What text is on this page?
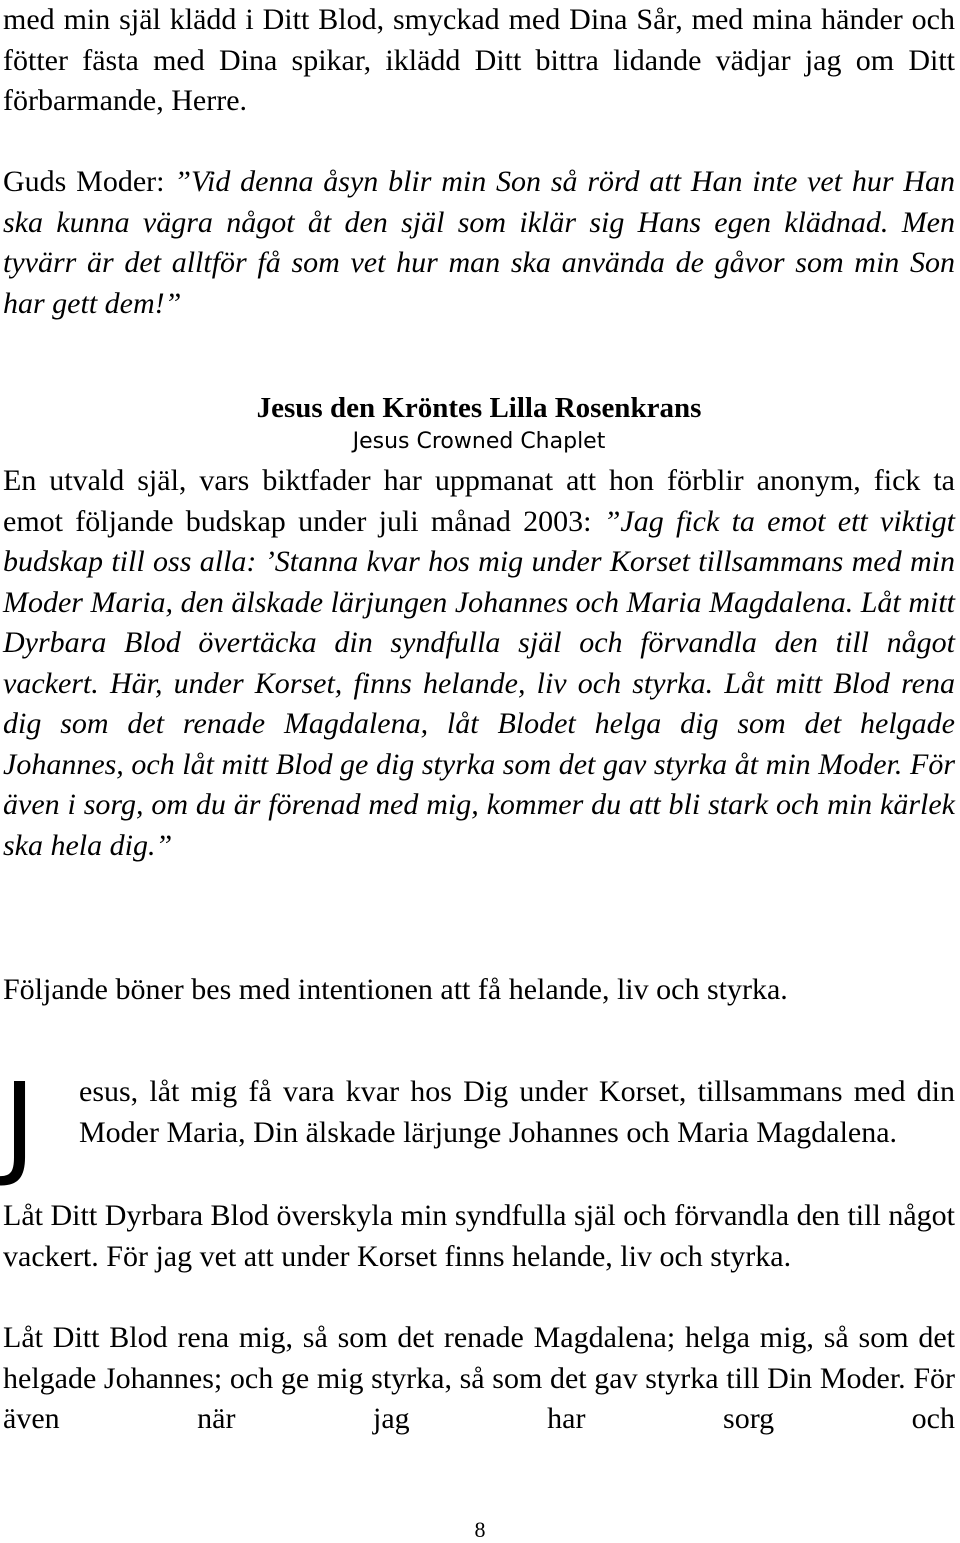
med min själ klädd i Ditt Blod, smyckad med Dina Sår, med mina händer och fötter fästa med Dina spikar, iklädd Ditt bittra lidande vädjar jag om Ditt förbarmande, Herre.

Guds Moder: ”Vid denna åsyn blir min Son så rörd att Han inte vet hur Han ska kunna vägra något åt den själ som iklär sig Hans egen klädnad. Men tyvärr är det alltför få som vet hur man ska använda de gåvor som min Son har gett dem!”

Jesus den Kröntes Lilla Rosenkrans
Jesus Crowned Chaplet

En utvald själ, vars biktfader har uppmanat att hon förblir anonym, fick ta emot följande budskap under juli månad 2003: ”Jag fick ta emot ett viktigt budskap till oss alla: ’Stanna kvar hos mig under Korset tillsammans med min Moder Maria, den älskade lärjungen Johannes och Maria Magdalena. Låt mitt Dyrbara Blod övertäcka din syndfulla själ och förvandla den till något vackert. Här, under Korset, finns helande, liv och styrka. Låt mitt Blod rena dig som det renade Magdalena, låt Blodet helga dig som det helgade Johannes, och låt mitt Blod ge dig styrka som det gav styrka åt min Moder. För även i sorg, om du är förenad med mig, kommer du att bli stark och min kärlek ska hela dig.”

Följande böner bes med intentionen att få helande, liv och styrka.

J	esus, låt mig få vara kvar hos Dig under Korset, tillsammans med din Moder Maria, Din älskade lärjunge Johannes och Maria Magdalena.

Låt Ditt Dyrbara Blod överskyla min syndfulla själ och förvandla den till något vackert. För jag vet att under Korset finns helande, liv och styrka.

Låt Ditt Blod rena mig, så som det renade Magdalena; helga mig, så som det helgade Johannes; och ge mig styrka, så som det gav styrka till Din Moder. För även när jag har sorg och

8
